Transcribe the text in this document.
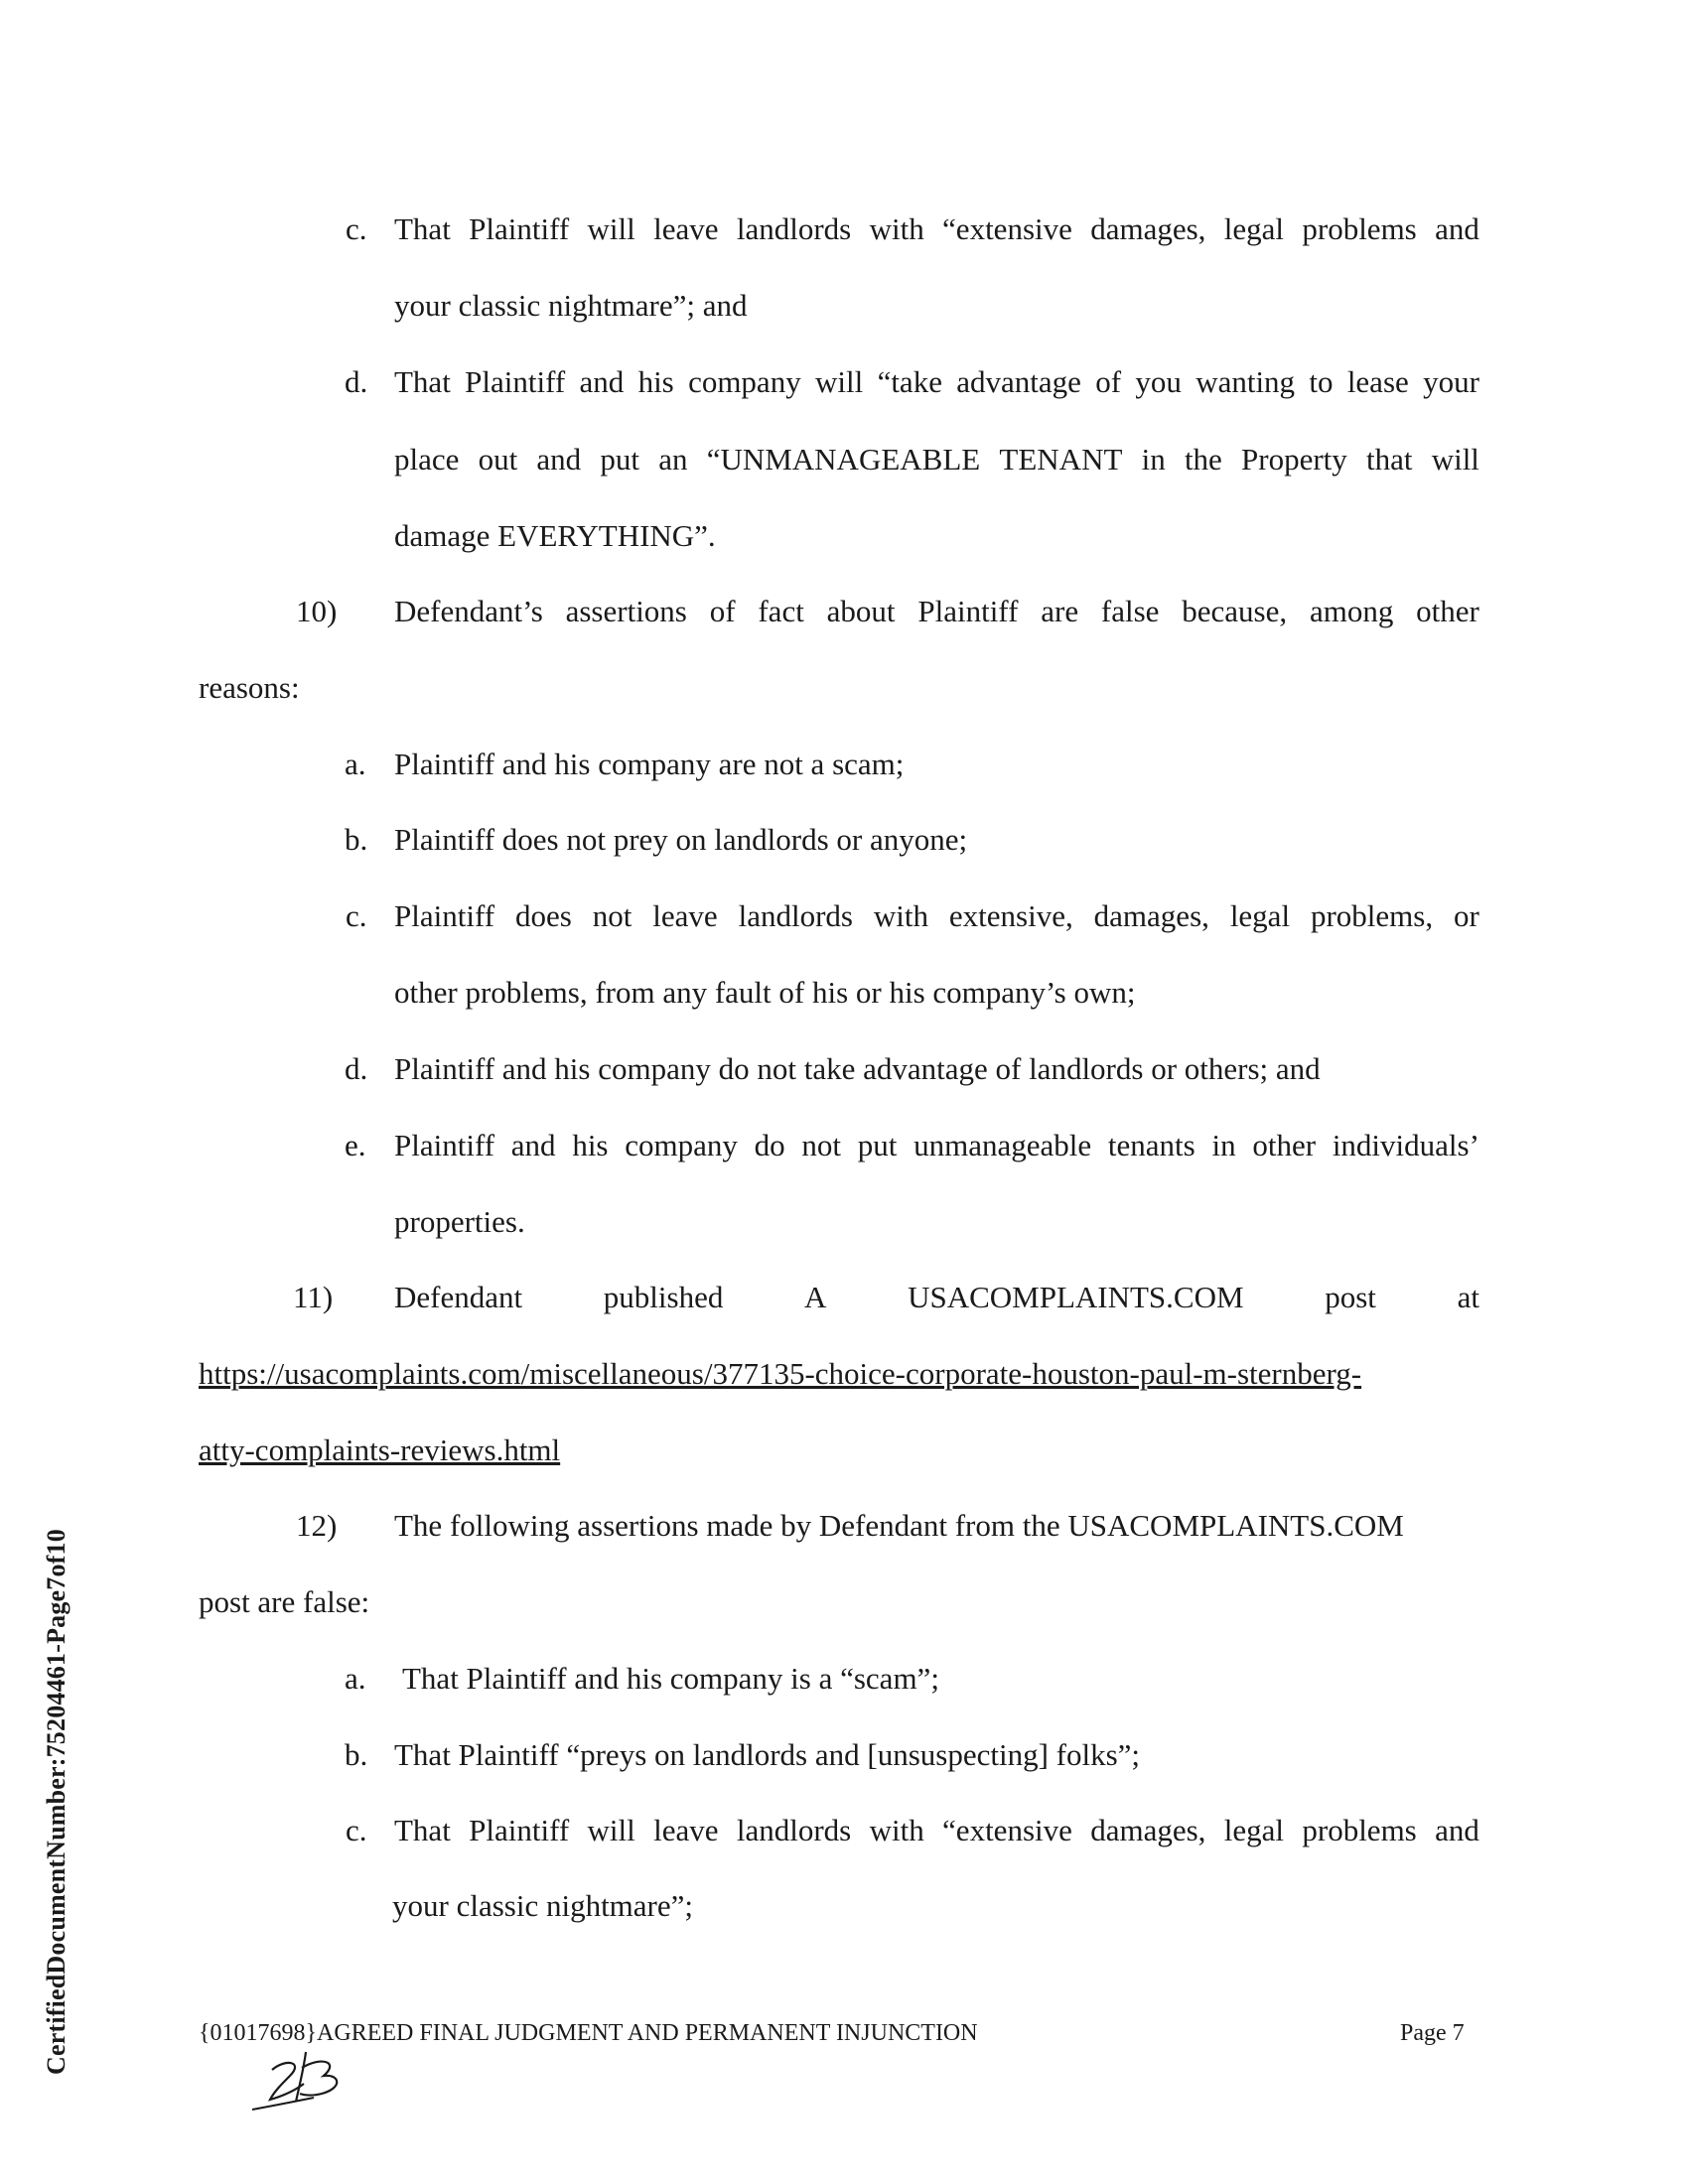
c. That Plaintiff will leave landlords with “extensive damages, legal problems and
your classic nightmare”; and
d. That Plaintiff and his company will “take advantage of you wanting to lease your
place out and put an “UNMANAGEABLE TENANT in the Property that will
damage EVERYTHING”.
10) Defendant’s assertions of fact about Plaintiff are false because, among other
reasons:
a. Plaintiff and his company are not a scam;
b. Plaintiff does not prey on landlords or anyone;
c. Plaintiff does not leave landlords with extensive, damages, legal problems, or
other problems, from any fault of his or his company’s own;
d. Plaintiff and his company do not take advantage of landlords or others; and
e. Plaintiff and his company do not put unmanageable tenants in other individuals’
properties.
11) Defendant	published	A	USACOMPLAINTS.COM	post	at
https://usacomplaints.com/miscellaneous/377135-choice-corporate-houston-paul-m-sternberg-
atty-complaints-reviews.html
12) The following assertions made by Defendant from the USACOMPLAINTS.COM
post are false:
a. That Plaintiff and his company is a “scam”;
b. That Plaintiff “preys on landlords and [unsuspecting] folks”;
c. That Plaintiff will leave landlords with “extensive damages, legal problems and
your classic nightmare”;
{01017698}AGREED FINAL JUDGMENT AND PERMANENT INJUNCTION	Page 7
CertifiedDocumentNumber:75204461-Page7of10
